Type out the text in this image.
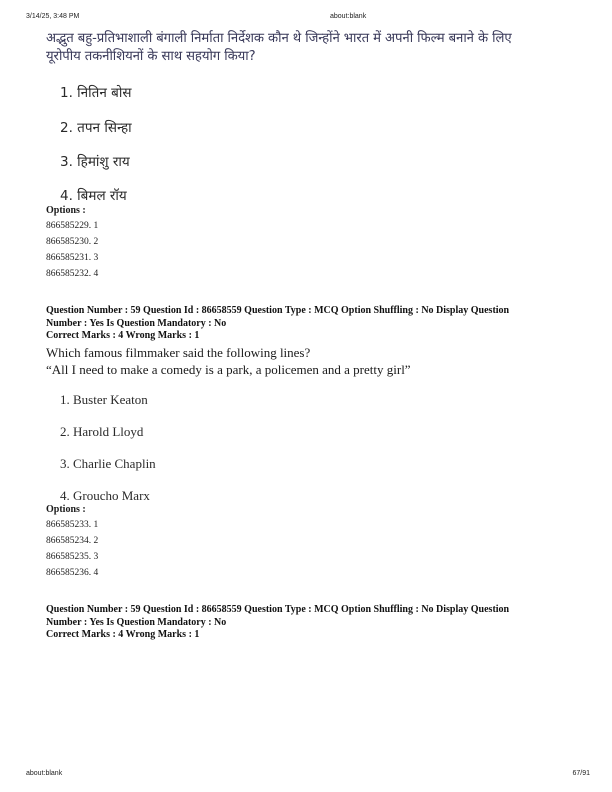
3/14/25, 3:48 PM	about:blank
अद्भुत बहु-प्रतिभाशाली बंगाली निर्माता निर्देशक कौन थे जिन्होंने भारत में अपनी फिल्म बनाने के लिए
यूरोपीय तकनीशियनों के साथ सहयोग किया?
1. नितिन बोस
2. तपन सिन्हा
3. हिमांशु राय
4. बिमल रॉय
Options :
866585229. 1
866585230. 2
866585231. 3
866585232. 4
Question Number : 59 Question Id : 86658559 Question Type : MCQ Option Shuffling : No Display Question
Number : Yes Is Question Mandatory : No
Correct Marks : 4 Wrong Marks : 1
Which famous filmmaker said the following lines?
“All I need to make a comedy is a park, a policemen and a pretty girl”
1. Buster Keaton
2. Harold Lloyd
3. Charlie Chaplin
4. Groucho Marx
Options :
866585233. 1
866585234. 2
866585235. 3
866585236. 4
Question Number : 59 Question Id : 86658559 Question Type : MCQ Option Shuffling : No Display Question
Number : Yes Is Question Mandatory : No
Correct Marks : 4 Wrong Marks : 1
about:blank	67/91
